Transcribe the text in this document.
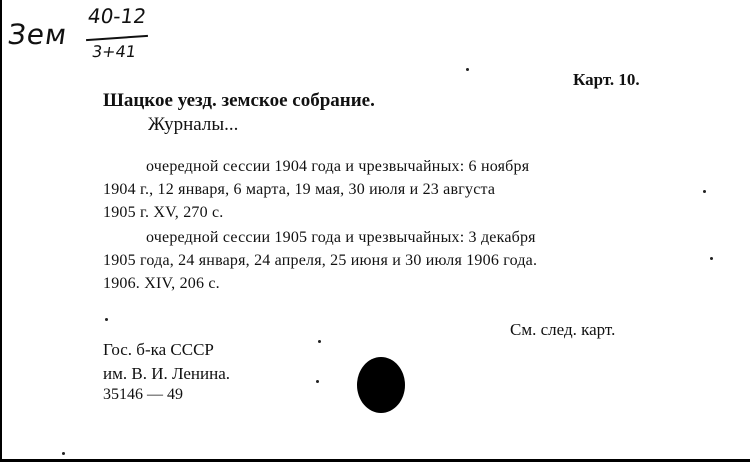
Зем
40-12
3+41
Карт. 10.
Шацкое уезд. земское собрание.
Журналы...
очередной сессии 1904 года и чрезвычайных: 6 ноября
1904 г., 12 января, 6 марта, 19 мая, 30 июля и 23 августа
1905 г. XV, 270 с.
очередной сессии 1905 года и чрезвычайных: 3 декабря
1905 года, 24 января, 24 апреля, 25 июня и 30 июля 1906 года.
1906. XIV, 206 с.
См. след. карт.
Гос. б-ка СССР
им. В. И. Ленина.
35146 — 49
